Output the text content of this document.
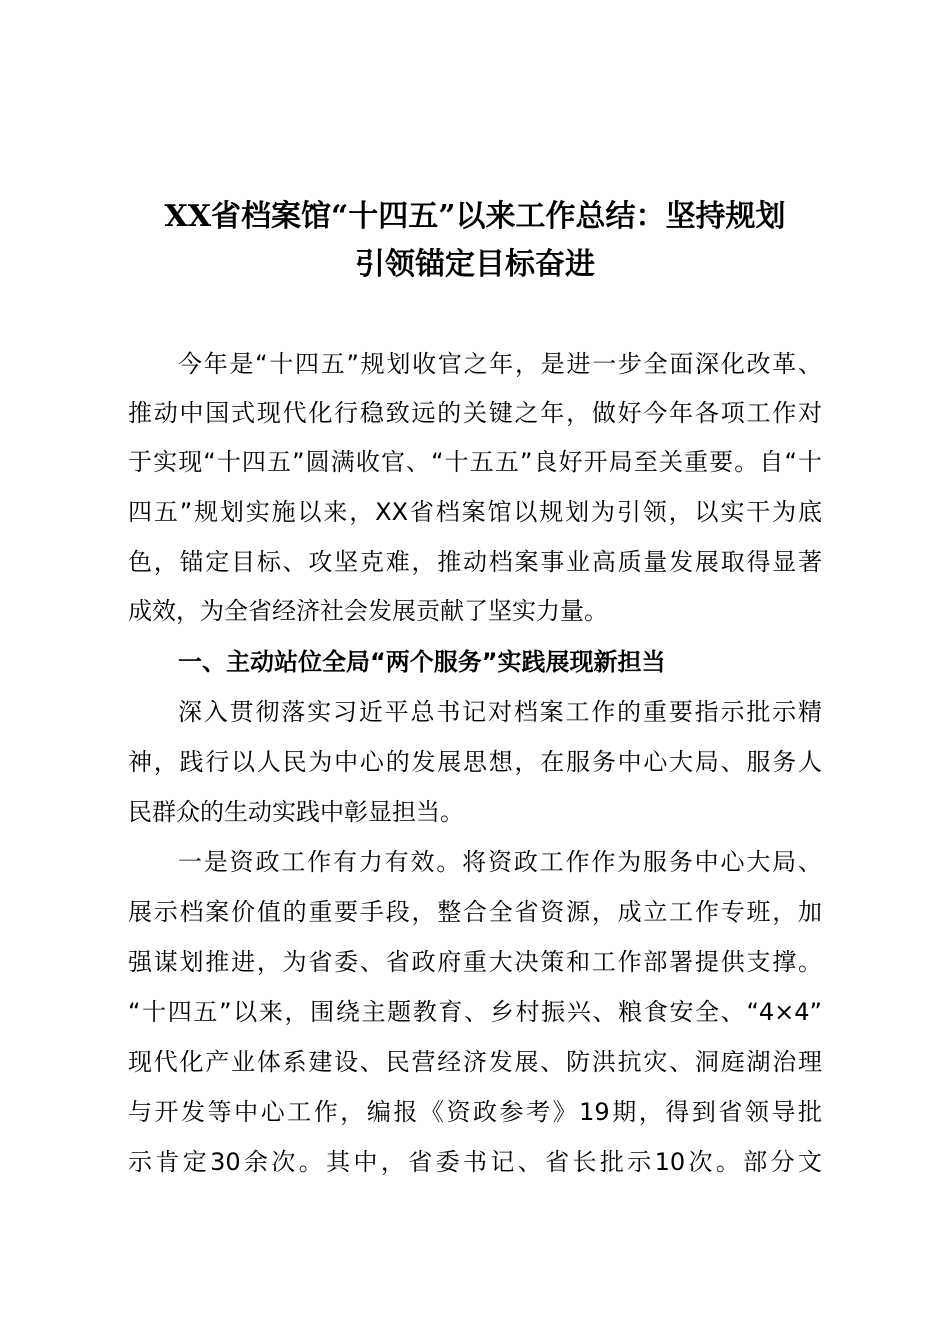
XX省档案馆“十四五”以来工作总结：坚持规划
引领锚定目标奋进
今年是“十四五”规划收官之年，是进一步全面深化改革、
推动中国式现代化行稳致远的关键之年，做好今年各项工作对
于实现“十四五”圆满收官、“十五五”良好开局至关重要。自“十
四五”规划实施以来，XX省档案馆以规划为引领，以实干为底
色，锚定目标、攻坚克难，推动档案事业高质量发展取得显著
成效，为全省经济社会发展贡献了坚实力量。
一、主动站位全局“两个服务”实践展现新担当
深入贯彻落实习近平总书记对档案工作的重要指示批示精
神，践行以人民为中心的发展思想，在服务中心大局、服务人
民群众的生动实践中彰显担当。
一是资政工作有力有效。将资政工作作为服务中心大局、
展示档案价值的重要手段，整合全省资源，成立工作专班，加
强谋划推进，为省委、省政府重大决策和工作部署提供支撑。
“十四五”以来，围绕主题教育、乡村振兴、粮食安全、“4×4”
现代化产业体系建设、民营经济发展、防洪抗灾、洞庭湖治理
与开发等中心工作，编报《资政参考》19期，得到省领导批
示肯定30余次。其中，省委书记、省长批示10次。部分文
